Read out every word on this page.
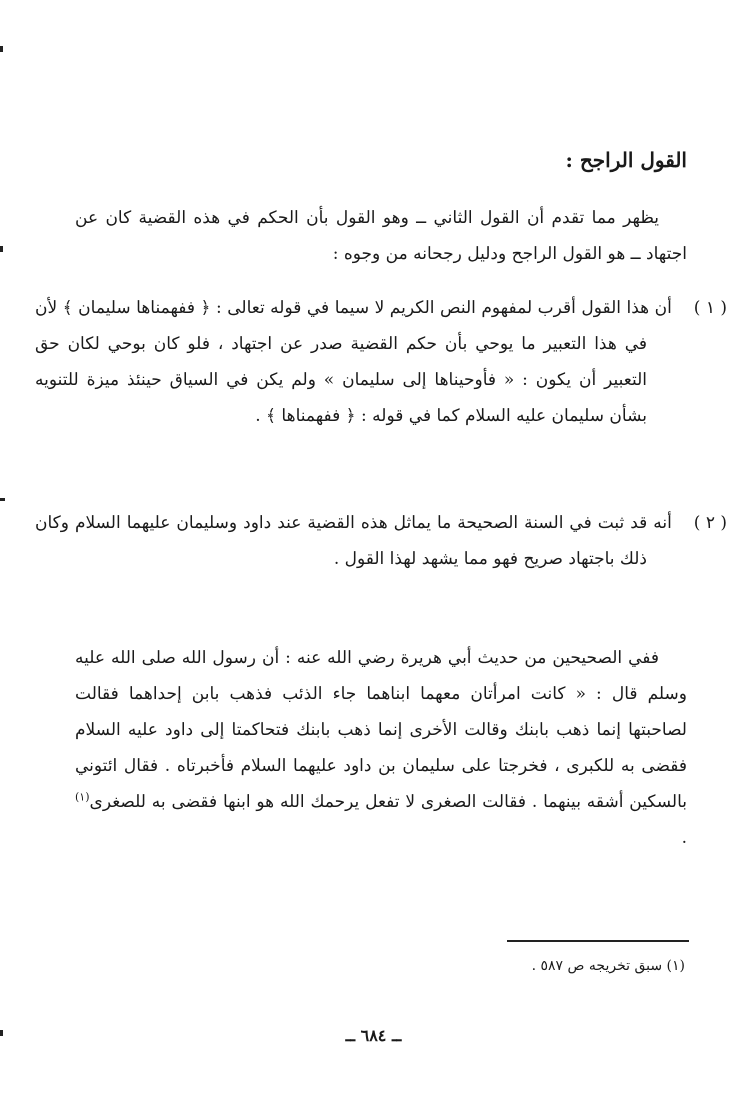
القول الراجح :

يظهر مما تقدم أن القول الثاني ــ وهو القول بأن الحكم في هذه القضية كان عن اجتهاد ــ هو القول الراجح ودليل رجحانه من وجوه :

( ١ )أن هذا القول أقرب لمفهوم النص الكريم لا سيما في قوله تعالى : ﴿ ففهمناها سليمان ﴾ لأن في هذا التعبير ما يوحي بأن حكم القضية صدر عن اجتهاد ، فلو كان بوحي لكان حق التعبير أن يكون : « فأوحيناها إلى سليمان » ولم يكن في السياق حينئذ ميزة للتنويه بشأن سليمان عليه السلام كما في قوله : ﴿ ففهمناها ﴾ .

( ٢ )أنه قد ثبت في السنة الصحيحة ما يماثل هذه القضية عند داود وسليمان عليهما السلام وكان ذلك باجتهاد صريح فهو مما يشهد لهذا القول .

ففي الصحيحين من حديث أبي هريرة رضي الله عنه : أن رسول الله صلى الله عليه وسلم قال : « كانت امرأتان معهما ابناهما جاء الذئب فذهب بابن إحداهما فقالت لصاحبتها إنما ذهب بابنك وقالت الأخرى إنما ذهب بابنك فتحاكمتا إلى داود عليه السلام فقضى به للكبرى ، فخرجتا على سليمان بن داود عليهما السلام فأخبرتاه . فقال ائتوني بالسكين أشقه بينهما . فقالت الصغرى لا تفعل يرحمك الله هو ابنها فقضى به للصغرى$^{(١)}$ .

(١) سبق تخريجه ص ٥٨٧ .
ــ ٦٨٤ ــ
